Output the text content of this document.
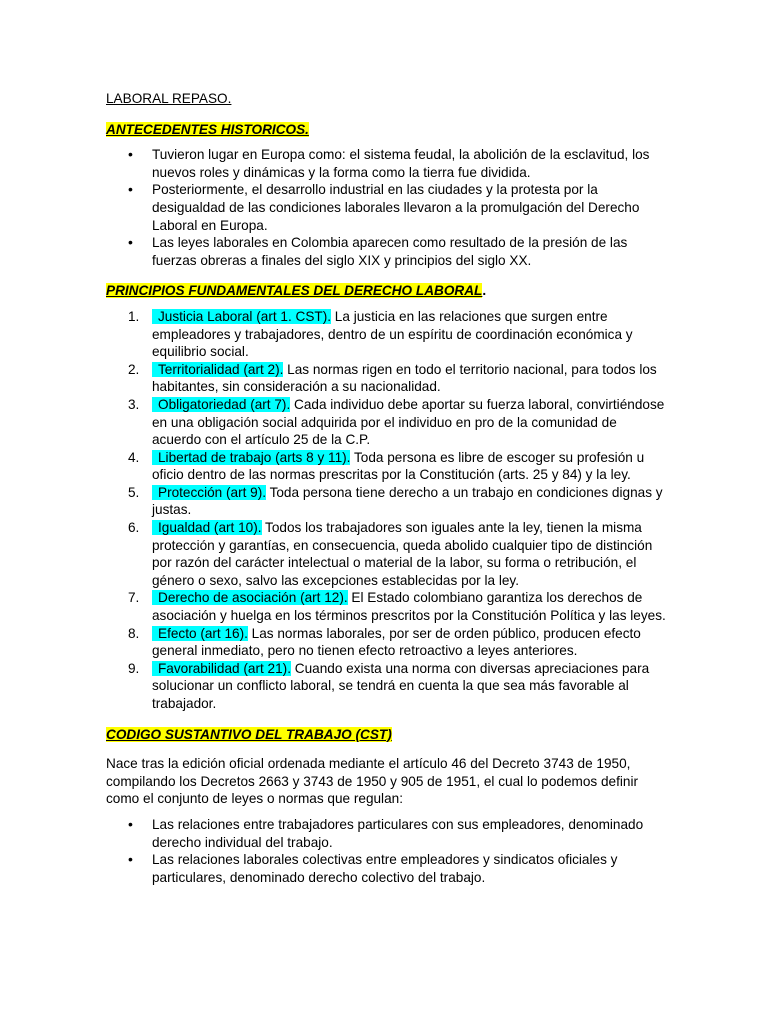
LABORAL REPASO.
ANTECEDENTES HISTORICOS.
• Tuvieron lugar en Europa como: el sistema feudal, la abolición de la esclavitud, los nuevos roles y dinámicas y la forma como la tierra fue dividida.
• Posteriormente, el desarrollo industrial en las ciudades y la protesta por la desigualdad de las condiciones laborales llevaron a la promulgación del Derecho Laboral en Europa.
• Las leyes laborales en Colombia aparecen como resultado de la presión de las fuerzas obreras a finales del siglo XIX y principios del siglo XX.
PRINCIPIOS FUNDAMENTALES DEL DERECHO LABORAL.
1. Justicia Laboral (art 1. CST). La justicia en las relaciones que surgen entre empleadores y trabajadores, dentro de un espíritu de coordinación económica y equilibrio social.
2. Territorialidad (art 2). Las normas rigen en todo el territorio nacional, para todos los habitantes, sin consideración a su nacionalidad.
3. Obligatoriedad (art 7). Cada individuo debe aportar su fuerza laboral, convirtiéndose en una obligación social adquirida por el individuo en pro de la comunidad de acuerdo con el artículo 25 de la C.P.
4. Libertad de trabajo (arts 8 y 11). Toda persona es libre de escoger su profesión u oficio dentro de las normas prescritas por la Constitución (arts. 25 y 84) y la ley.
5. Protección (art 9). Toda persona tiene derecho a un trabajo en condiciones dignas y justas.
6. Igualdad (art 10). Todos los trabajadores son iguales ante la ley, tienen la misma protección y garantías, en consecuencia, queda abolido cualquier tipo de distinción por razón del carácter intelectual o material de la labor, su forma o retribución, el género o sexo, salvo las excepciones establecidas por la ley.
7. Derecho de asociación (art 12). El Estado colombiano garantiza los derechos de asociación y huelga en los términos prescritos por la Constitución Política y las leyes.
8. Efecto (art 16). Las normas laborales, por ser de orden público, producen efecto general inmediato, pero no tienen efecto retroactivo a leyes anteriores.
9. Favorabilidad (art 21). Cuando exista una norma con diversas apreciaciones para solucionar un conflicto laboral, se tendrá en cuenta la que sea más favorable al trabajador.
CODIGO SUSTANTIVO DEL TRABAJO (CST)

Nace tras la edición oficial ordenada mediante el artículo 46 del Decreto 3743 de 1950, compilando los Decretos 2663 y 3743 de 1950 y 905 de 1951, el cual lo podemos definir como el conjunto de leyes o normas que regulan:

• Las relaciones entre trabajadores particulares con sus empleadores, denominado derecho individual del trabajo.
• Las relaciones laborales colectivas entre empleadores y sindicatos oficiales y particulares, denominado derecho colectivo del trabajo.
